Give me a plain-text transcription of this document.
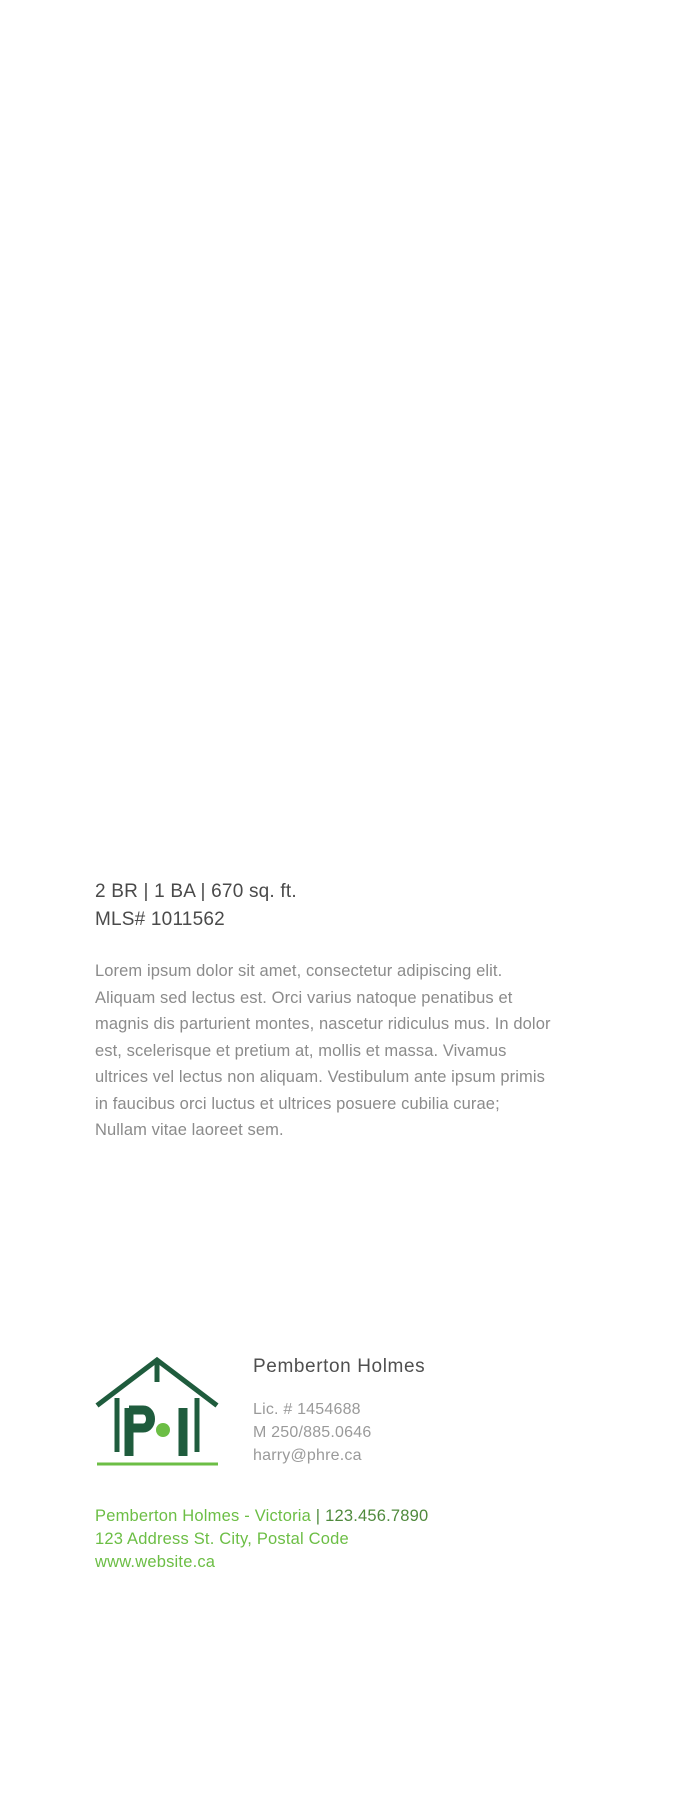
2 BR | 1 BA | 670 sq. ft.
MLS# 1011562
Lorem ipsum dolor sit amet, consectetur adipiscing elit. Aliquam sed lectus est. Orci varius natoque penatibus et magnis dis parturient montes, nascetur ridiculus mus. In dolor est, scelerisque et pretium at, mollis et massa. Vivamus ultrices vel lectus non aliquam. Vestibulum ante ipsum primis in faucibus orci luctus et ultrices posuere cubilia curae; Nullam vitae laoreet sem.
Pemberton Holmes
Lic. # 1454688
M 250/885.0646
harry@phre.ca
Pemberton Holmes - Victoria | 123.456.7890
123 Address St. City, Postal Code
www.website.ca
